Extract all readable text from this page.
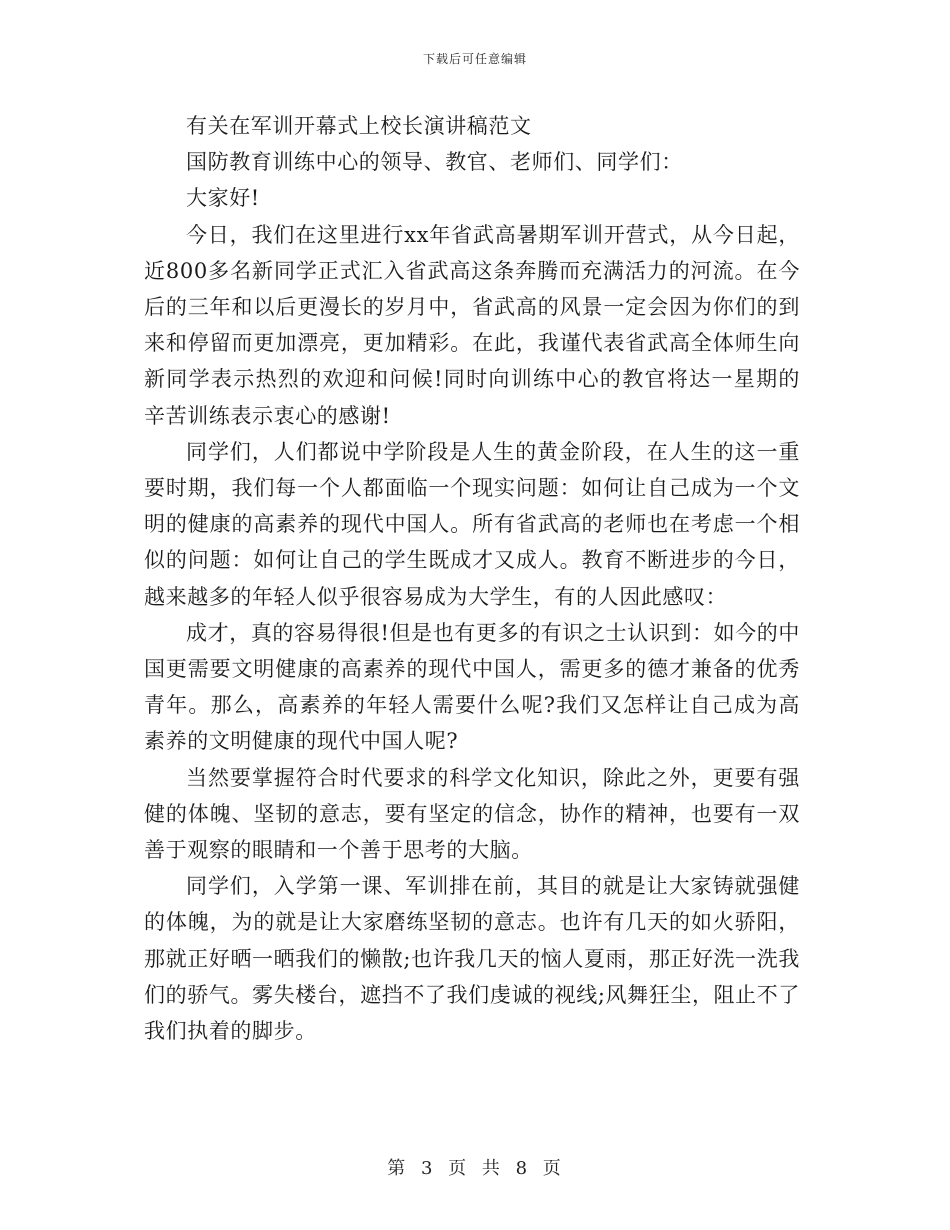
下载后可任意编辑

有关在军训开幕式上校长演讲稿范文

国防教育训练中心的领导、教官、老师们、同学们：

大家好!

今日，我们在这里进行xx年省武高暑期军训开营式，从今日起，近800多名新同学正式汇入省武高这条奔腾而充满活力的河流。在今后的三年和以后更漫长的岁月中，省武高的风景一定会因为你们的到来和停留而更加漂亮，更加精彩。在此，我谨代表省武高全体师生向新同学表示热烈的欢迎和问候!同时向训练中心的教官将达一星期的辛苦训练表示衷心的感谢!

同学们，人们都说中学阶段是人生的黄金阶段，在人生的这一重要时期，我们每一个人都面临一个现实问题：如何让自己成为一个文明的健康的高素养的现代中国人。所有省武高的老师也在考虑一个相似的问题：如何让自己的学生既成才又成人。教育不断进步的今日，越来越多的年轻人似乎很容易成为大学生，有的人因此感叹：

成才，真的容易得很!但是也有更多的有识之士认识到：如今的中国更需要文明健康的高素养的现代中国人，需更多的德才兼备的优秀青年。那么，高素养的年轻人需要什么呢?我们又怎样让自己成为高素养的文明健康的现代中国人呢?

当然要掌握符合时代要求的科学文化知识，除此之外，更要有强健的体魄、坚韧的意志，要有坚定的信念，协作的精神，也要有一双善于观察的眼睛和一个善于思考的大脑。

同学们，入学第一课、军训排在前，其目的就是让大家铸就强健的体魄，为的就是让大家磨练坚韧的意志。也许有几天的如火骄阳，那就正好晒一晒我们的懒散;也许我几天的恼人夏雨，那正好洗一洗我们的骄气。雾失楼台，遮挡不了我们虔诚的视线;风舞狂尘，阻止不了我们执着的脚步。

第 3 页 共 8 页
